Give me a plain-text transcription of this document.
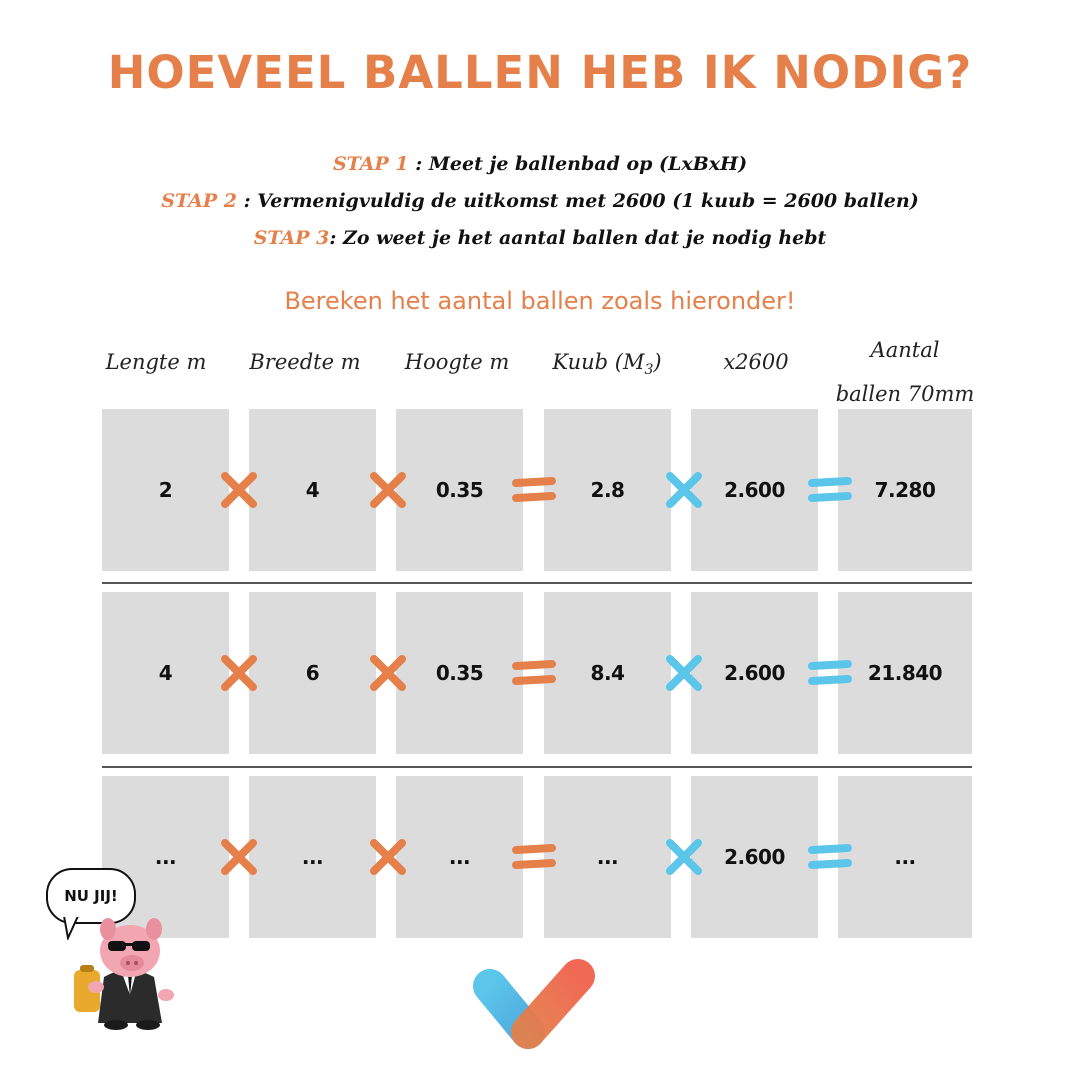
HOEVEEL BALLEN HEB IK NODIG?
STAP 1 : Meet je ballenbad op (LxBxH)
STAP 2 : Vermenigvuldig de uitkomst met 2600 (1 kuub = 2600 ballen)
STAP 3: Zo weet je het aantal ballen dat je nodig hebt
Bereken het aantal ballen zoals hieronder!
Lengte m	Breedte m	Hoogte m	Kuub $(M_3)$	x2600	Aantal
ballen 70mm
2	4	0.35	2.8	2.600	7.280
4	6	0.35	8.4	2.600	21.840
...	...	...	...	2.600	...
NU JIJ!
